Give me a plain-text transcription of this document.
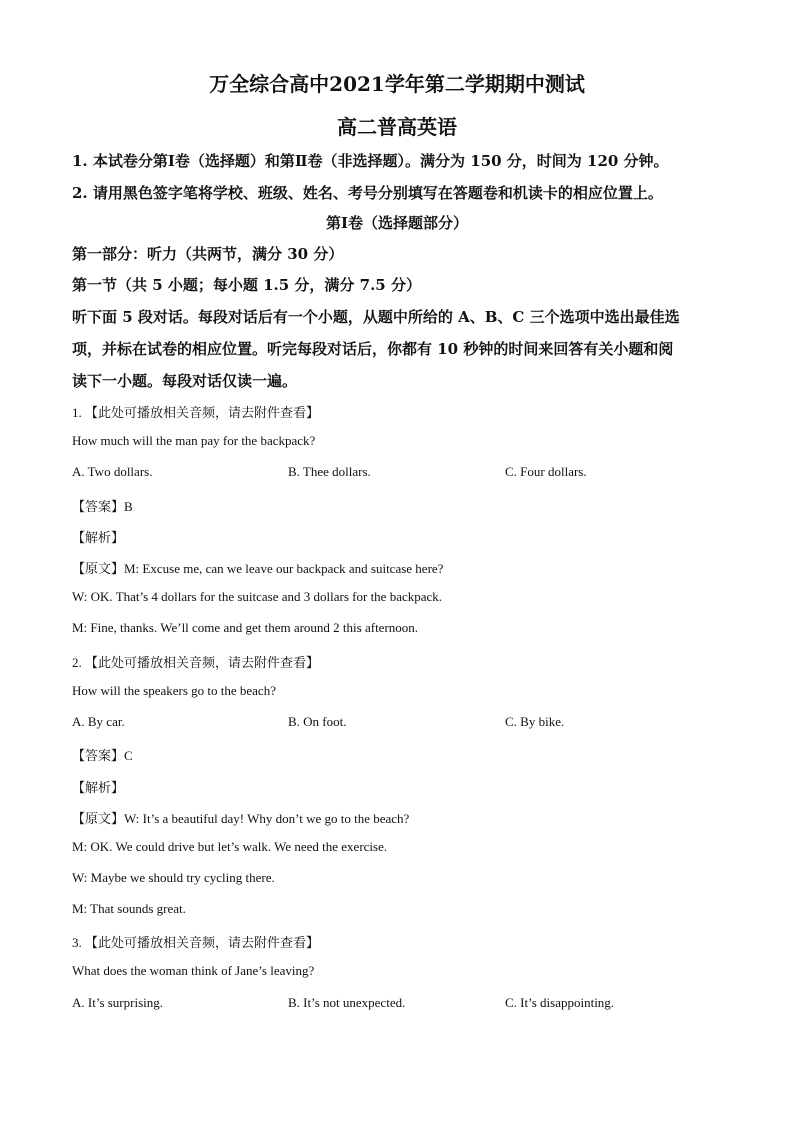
万全综合高中2021学年第二学期期中测试
高二普高英语
1. 本试卷分第Ⅰ卷（选择题）和第Ⅱ卷（非选择题）。满分为 150 分，时间为 120 分钟。
2. 请用黑色签字笔将学校、班级、姓名、考号分别填写在答题卷和机读卡的相应位置上。
第Ⅰ卷（选择题部分）
第一部分：听力（共两节，满分 30 分）
第一节（共 5 小题；每小题 1.5 分，满分 7.5 分）
听下面 5 段对话。每段对话后有一个小题，从题中所给的 A、B、C 三个选项中选出最佳选
项，并标在试卷的相应位置。听完每段对话后，你都有 10 秒钟的时间来回答有关小题和阅
读下一小题。每段对话仅读一遍。
1. 【此处可播放相关音频，请去附件查看】
How much will the man pay for the backpack?
A. Two dollars.	B. Thee dollars.	C. Four dollars.
【答案】B
【解析】
【原文】M: Excuse me, can we leave our backpack and suitcase here?
W: OK. That’s 4 dollars for the suitcase and 3 dollars for the backpack.
M: Fine, thanks. We’ll come and get them around 2 this afternoon.
2. 【此处可播放相关音频，请去附件查看】
How will the speakers go to the beach?
A. By car.	B. On foot.	C. By bike.
【答案】C
【解析】
【原文】W: It’s a beautiful day! Why don’t we go to the beach?
M: OK. We could drive but let’s walk. We need the exercise.
W: Maybe we should try cycling there.
M: That sounds great.
3. 【此处可播放相关音频，请去附件查看】
What does the woman think of Jane’s leaving?
A. It’s surprising.	B. It’s not unexpected.	C. It’s disappointing.
